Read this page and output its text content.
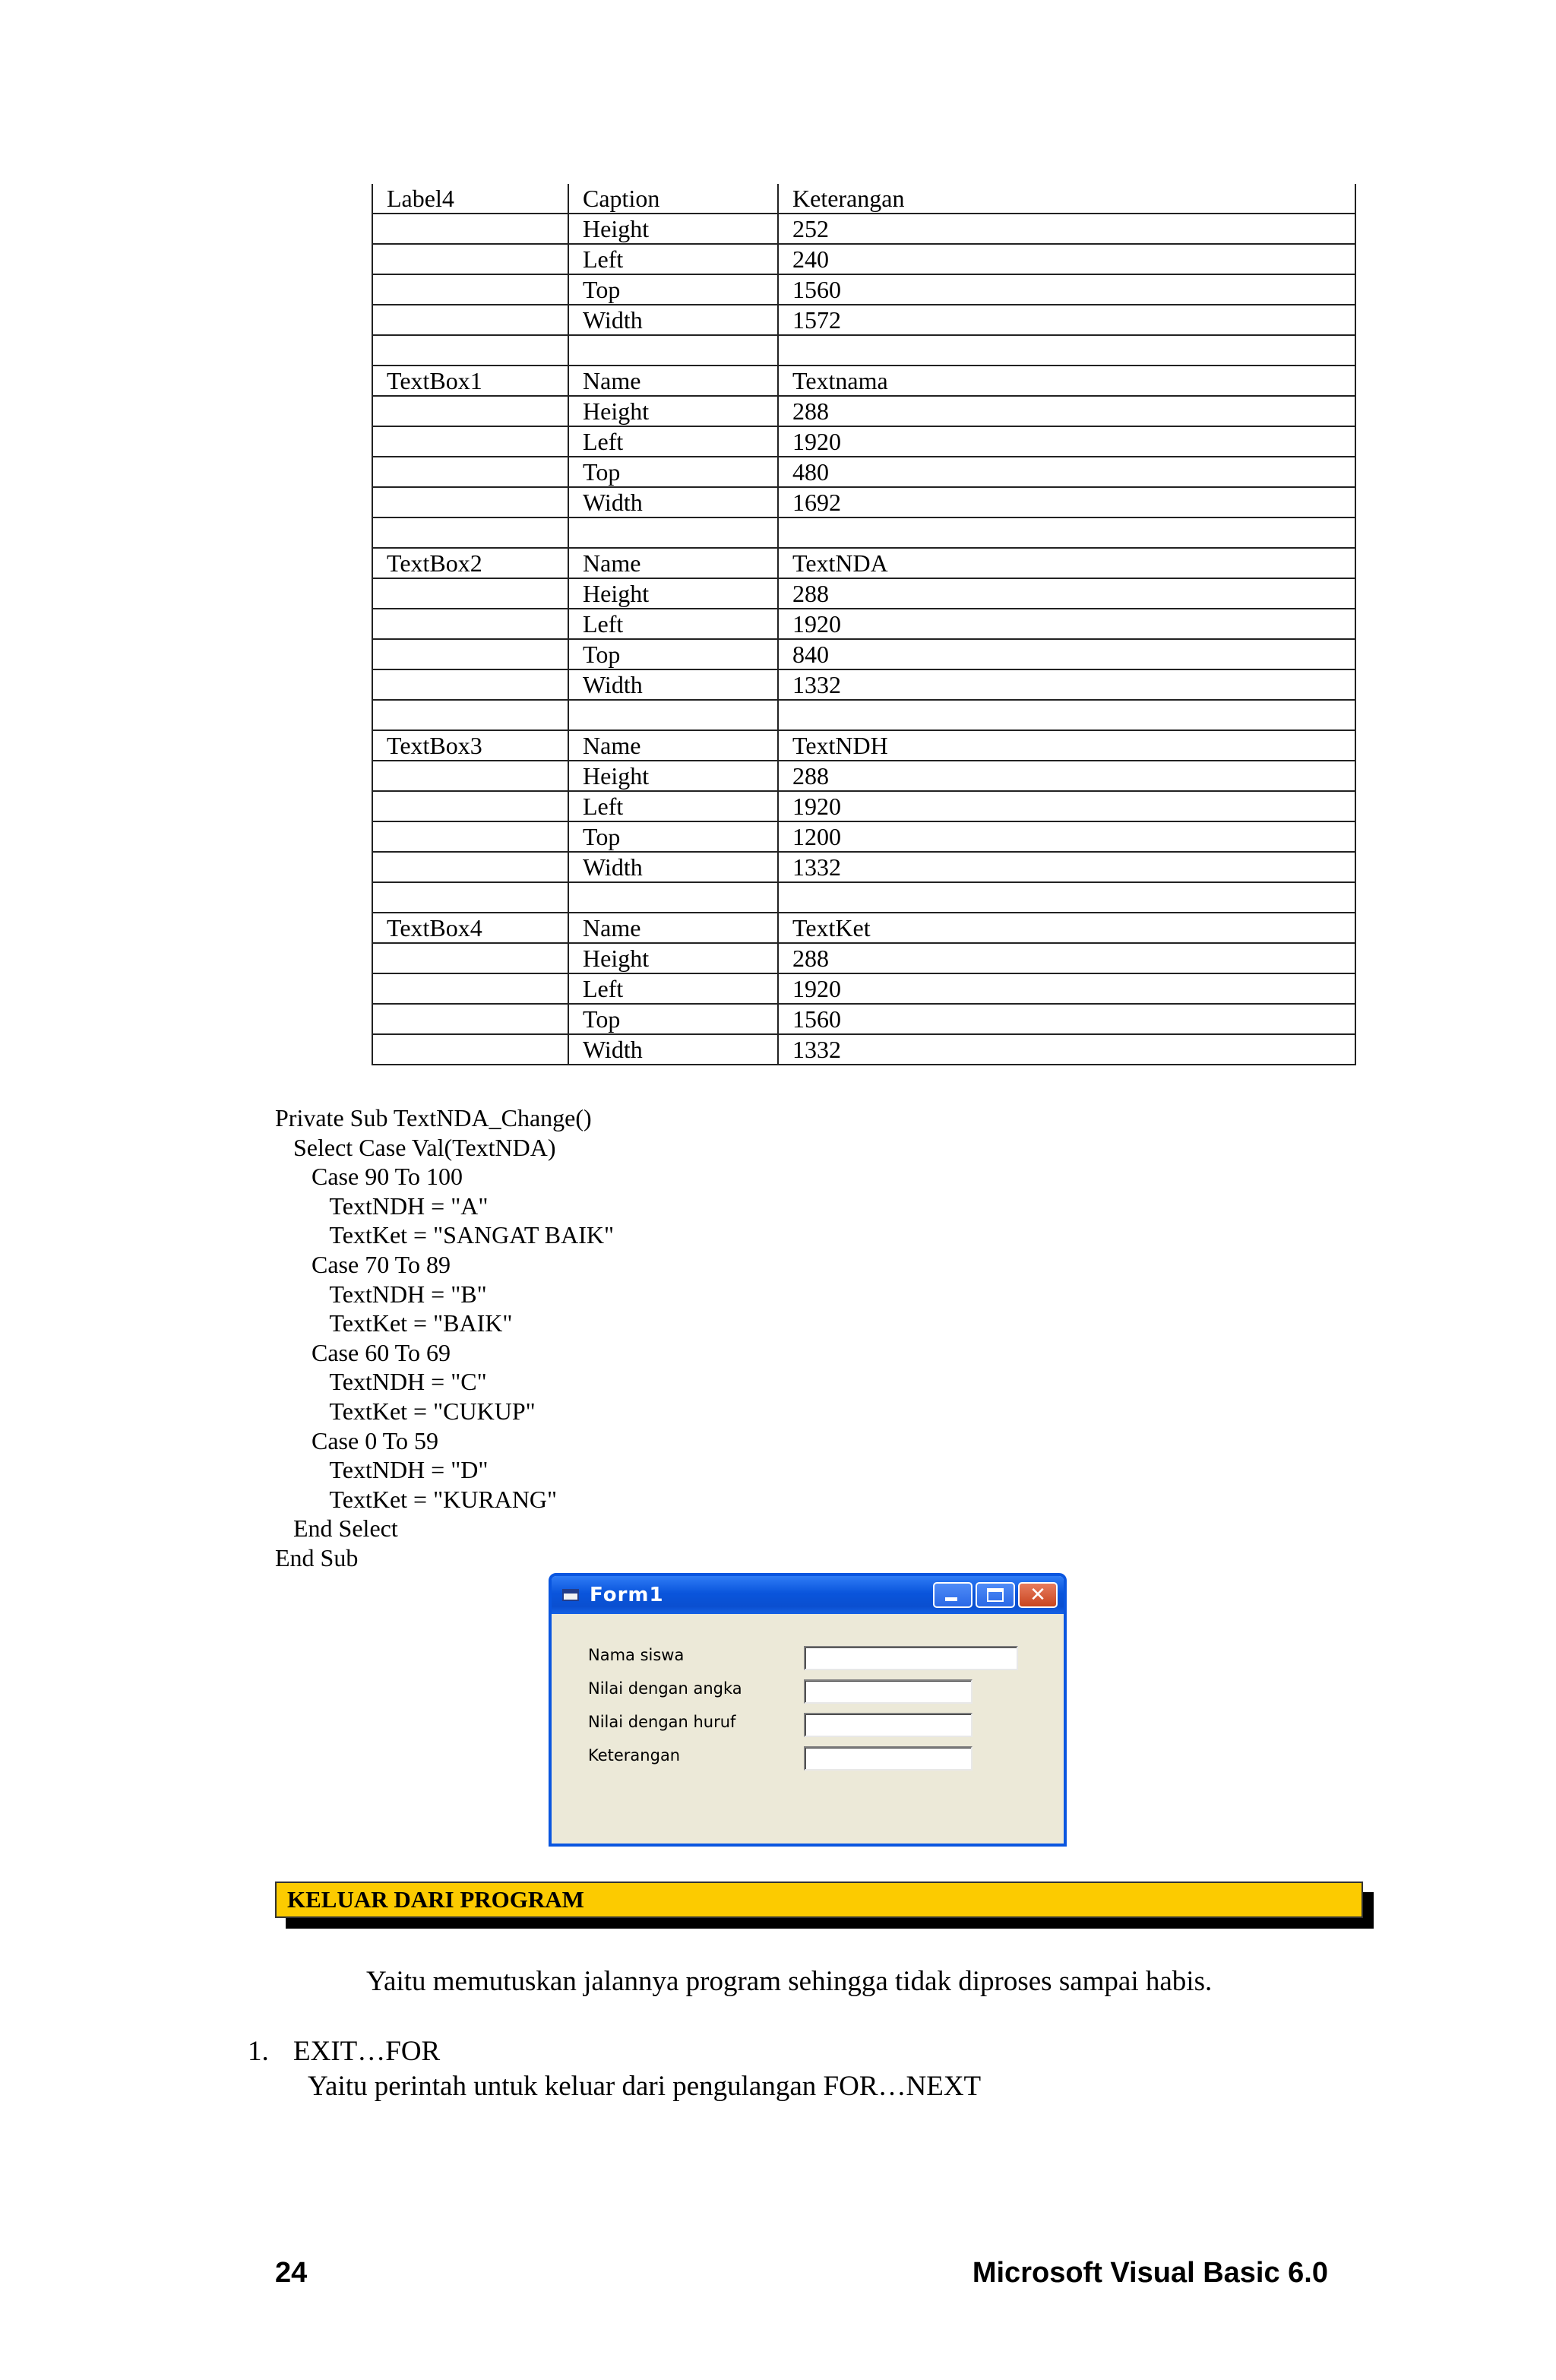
Label4	Caption	Keterangan
	Height	252
	Left	240
	Top	1560
	Width	1572

TextBox1	Name	Textnama
	Height	288
	Left	1920
	Top	480
	Width	1692

TextBox2	Name	TextNDA
	Height	288
	Left	1920
	Top	840
	Width	1332

TextBox3	Name	TextNDH
	Height	288
	Left	1920
	Top	1200
	Width	1332

TextBox4	Name	TextKet
	Height	288
	Left	1920
	Top	1560
	Width	1332
Private Sub TextNDA_Change()
Select Case Val(TextNDA)
Case 90 To 100
TextNDH = "A"
TextKet = "SANGAT BAIK"
Case 70 To 89
TextNDH = "B"
TextKet = "BAIK"
Case 60 To 69
TextNDH = "C"
TextKet = "CUKUP"
Case 0 To 59
TextNDH = "D"
TextKet = "KURANG"
End Select
End Sub
Form1	✕
Nama siswa
Nilai dengan angka
Nilai dengan huruf
Keterangan
KELUAR DARI PROGRAM
Yaitu memutuskan jalannya program sehingga tidak diproses sampai habis.
1. EXIT…FOR
Yaitu perintah untuk keluar dari pengulangan FOR…NEXT
24	Microsoft Visual Basic 6.0
